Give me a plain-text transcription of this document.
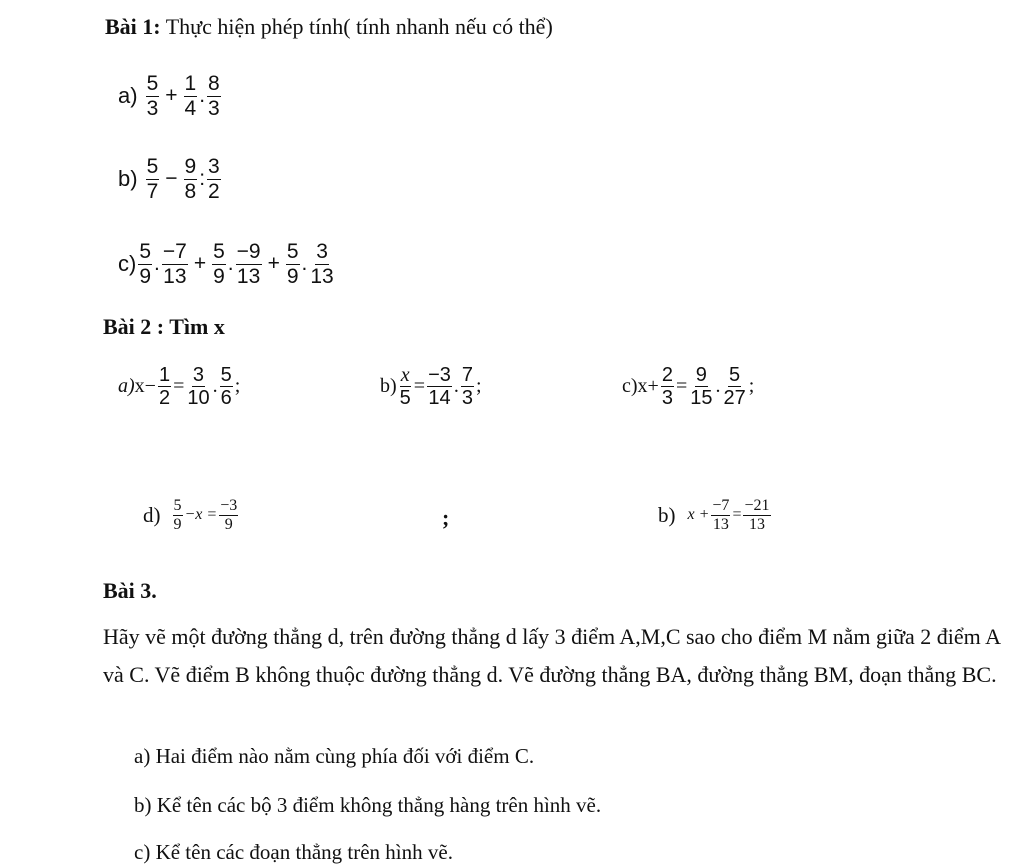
Bài 1: Thực hiện phép tính( tính nhanh nếu có thể)
$a) \frac{5}{3} + \frac{1}{4}$ . $\frac{8}{3}$
$b) \frac{5}{7} - \frac{9}{8}$ : $\frac{3}{2}$
$c) \frac{5}{9}$ . $\frac{-7}{13} + \frac{5}{9}$ . $\frac{-9}{13} + \frac{5}{9}$ . $\frac{3}{13}$
Bài 2 : Tìm x
a) $x- \frac{1}{2} = \frac{3}{10}$ . $\frac{5}{6}$ ;	$b) \frac{x}{5} = \frac{-3}{14}$ . $\frac{7}{3}$ ;	c) $x+ \frac{2}{3} = \frac{9}{15}$ . $\frac{5}{27}$ ;
$d) \frac{5}{9} -x = \frac{-3}{9}$	;	b) $x + \frac{-7}{13} = \frac{-21}{13}$
Bài 3.
Hãy vẽ một đường thẳng d, trên đường thẳng d lấy 3 điểm A,M,C sao cho điểm M nằm giữa 2 điểm A và C. Vẽ điểm B không thuộc đường thẳng d. Vẽ đường thẳng BA, đường thẳng BM, đoạn thẳng BC.
a) Hai điểm nào nằm cùng phía đối với điểm C.
b) Kể tên các bộ 3 điểm không thẳng hàng trên hình vẽ.
c) Kể tên các đoạn thẳng trên hình vẽ.
